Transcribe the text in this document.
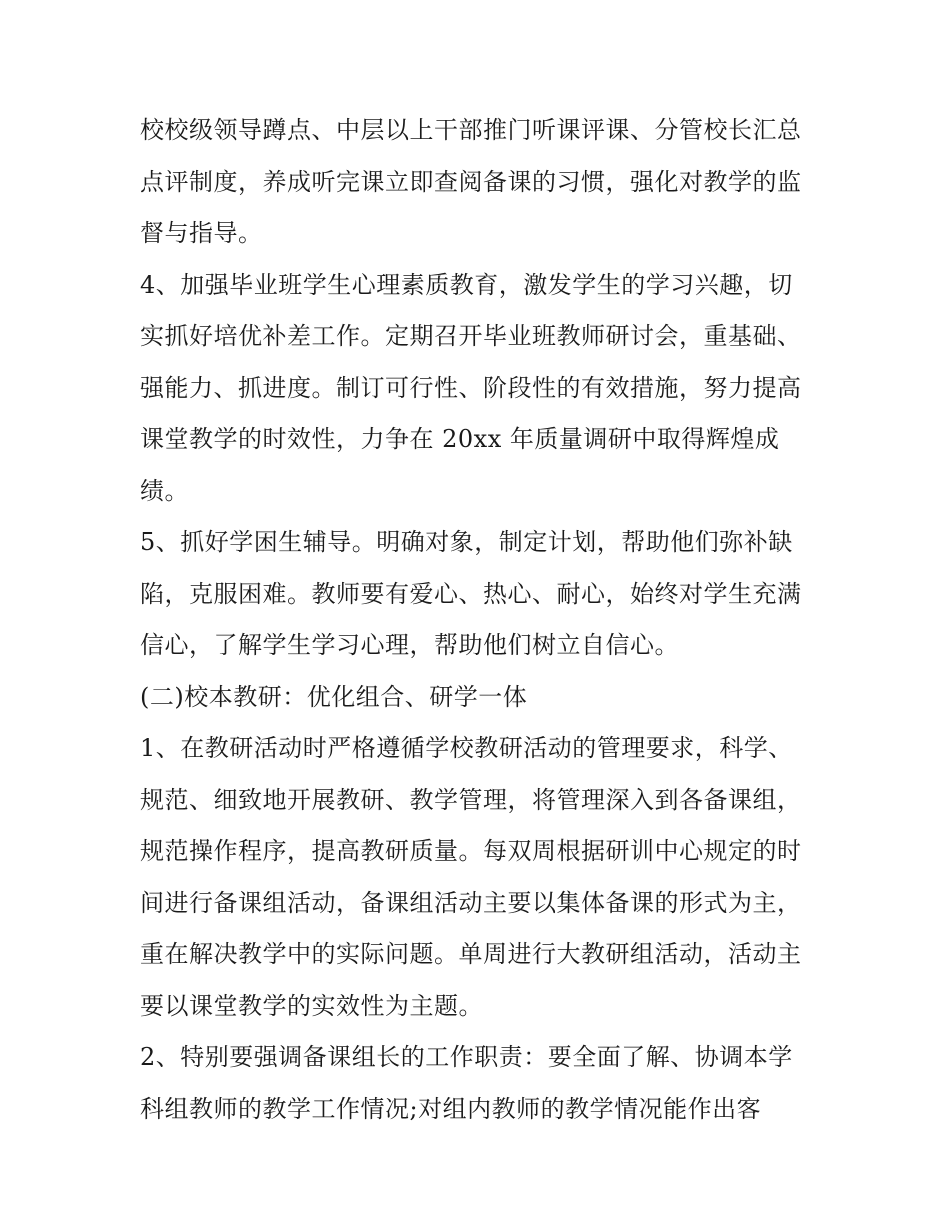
校校级领导蹲点、中层以上干部推门听课评课、分管校长汇总
点评制度，养成听完课立即查阅备课的习惯，强化对教学的监
督与指导。
4、加强毕业班学生心理素质教育，激发学生的学习兴趣，切
实抓好培优补差工作。定期召开毕业班教师研讨会，重基础、
强能力、抓进度。制订可行性、阶段性的有效措施，努力提高
课堂教学的时效性，力争在 20xx 年质量调研中取得辉煌成
绩。
5、抓好学困生辅导。明确对象，制定计划，帮助他们弥补缺
陷，克服困难。教师要有爱心、热心、耐心，始终对学生充满
信心，了解学生学习心理，帮助他们树立自信心。
(二)校本教研：优化组合、研学一体
1、在教研活动时严格遵循学校教研活动的管理要求，科学、
规范、细致地开展教研、教学管理，将管理深入到各备课组，
规范操作程序，提高教研质量。每双周根据研训中心规定的时
间进行备课组活动，备课组活动主要以集体备课的形式为主，
重在解决教学中的实际问题。单周进行大教研组活动，活动主
要以课堂教学的实效性为主题。
2、特别要强调备课组长的工作职责：要全面了解、协调本学
科组教师的教学工作情况;对组内教师的教学情况能作出客
